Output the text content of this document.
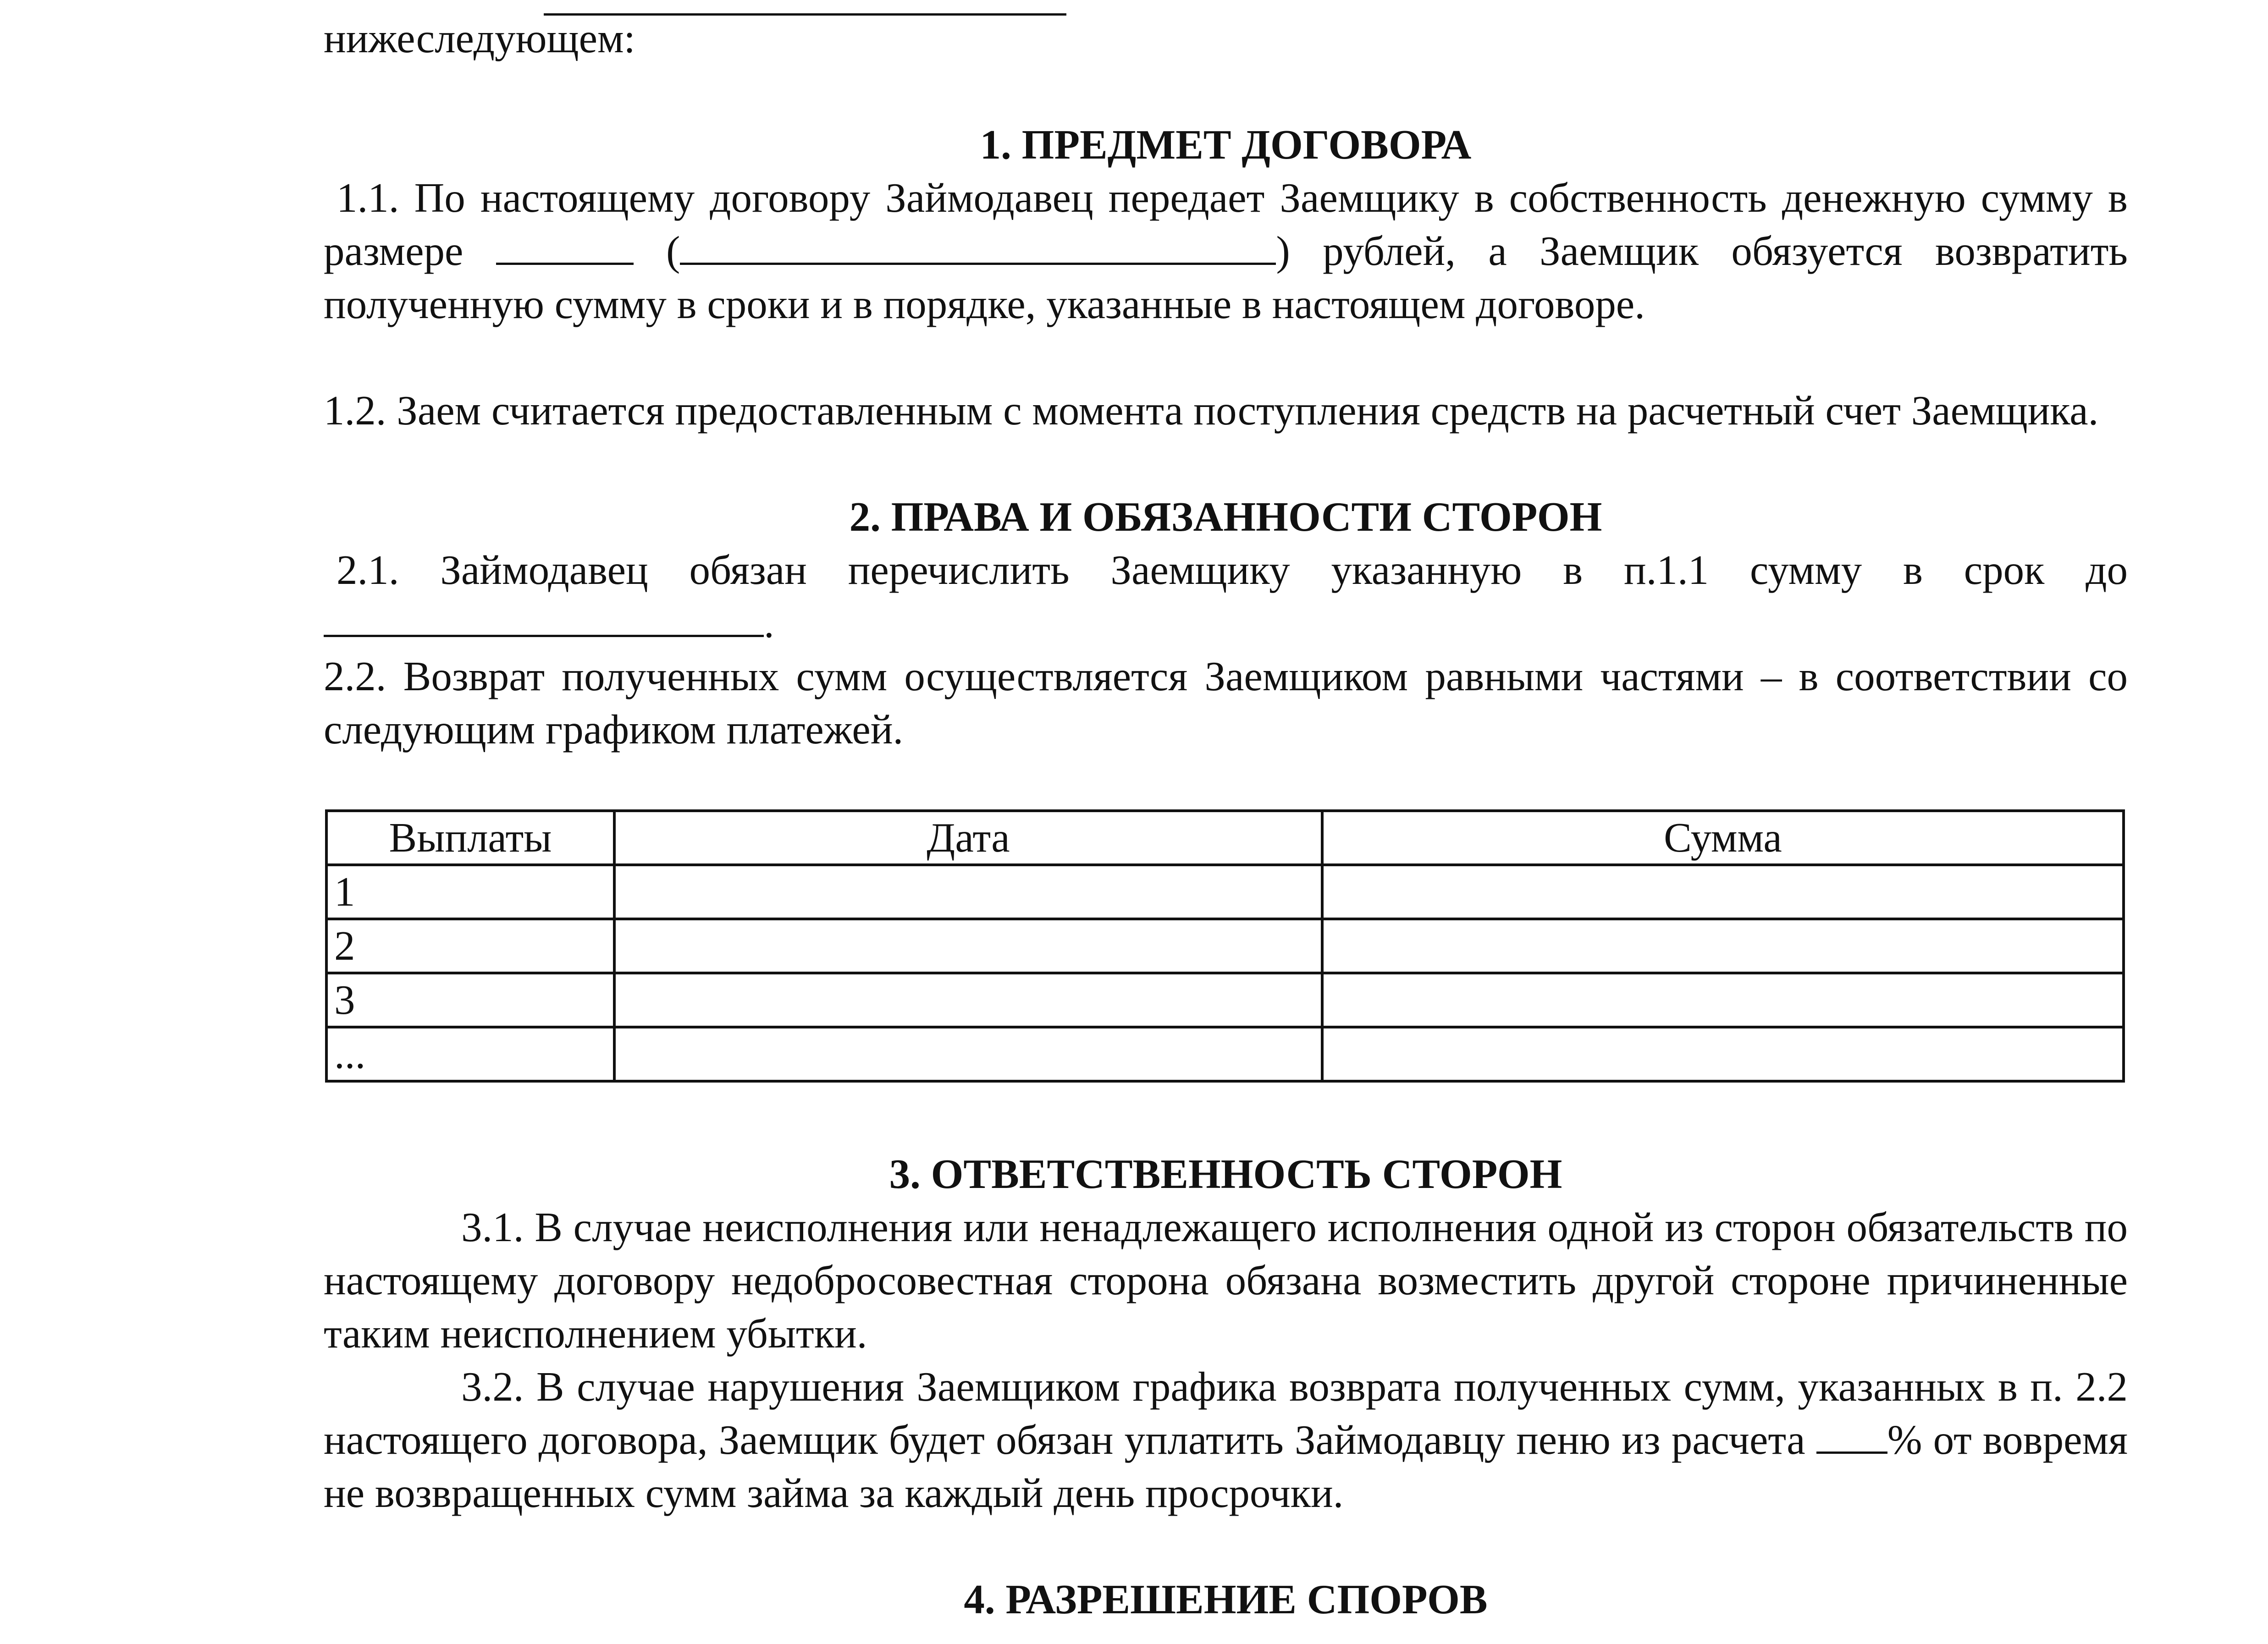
нижеследующем:
1. ПРЕДМЕТ ДОГОВОРА
1.1. По настоящему договору Займодавец передает Заемщику в собственность денежную сумму в размере	(	) рублей, а Заемщик обязуется возвратить полученную сумму в сроки и в порядке, указанные в настоящем договоре.
1.2. Заем считается предоставленным с момента поступления средств на расчетный счет Заемщика.
2. ПРАВА И ОБЯЗАННОСТИ СТОРОН
2.1. Займодавец обязан перечислить Заемщику указанную в п.1.1 сумму в срок до .
2.2. Возврат полученных сумм осуществляется Заемщиком равными частями – в соответствии со следующим графиком платежей.
Выплаты	Дата	Сумма
1		
2		
3		
...		
3. ОТВЕТСТВЕННОСТЬ СТОРОН
3.1. В случае неисполнения или ненадлежащего исполнения одной из сторон обязательств по настоящему договору недобросовестная сторона обязана возместить другой стороне причиненные таким неисполнением убытки.
3.2. В случае нарушения Заемщиком графика возврата полученных сумм, указанных в п. 2.2 настоящего договора, Заемщик будет обязан уплатить Займодавцу пеню из расчета % от вовремя не возвращенных сумм займа за каждый день просрочки.
4. РАЗРЕШЕНИЕ СПОРОВ
